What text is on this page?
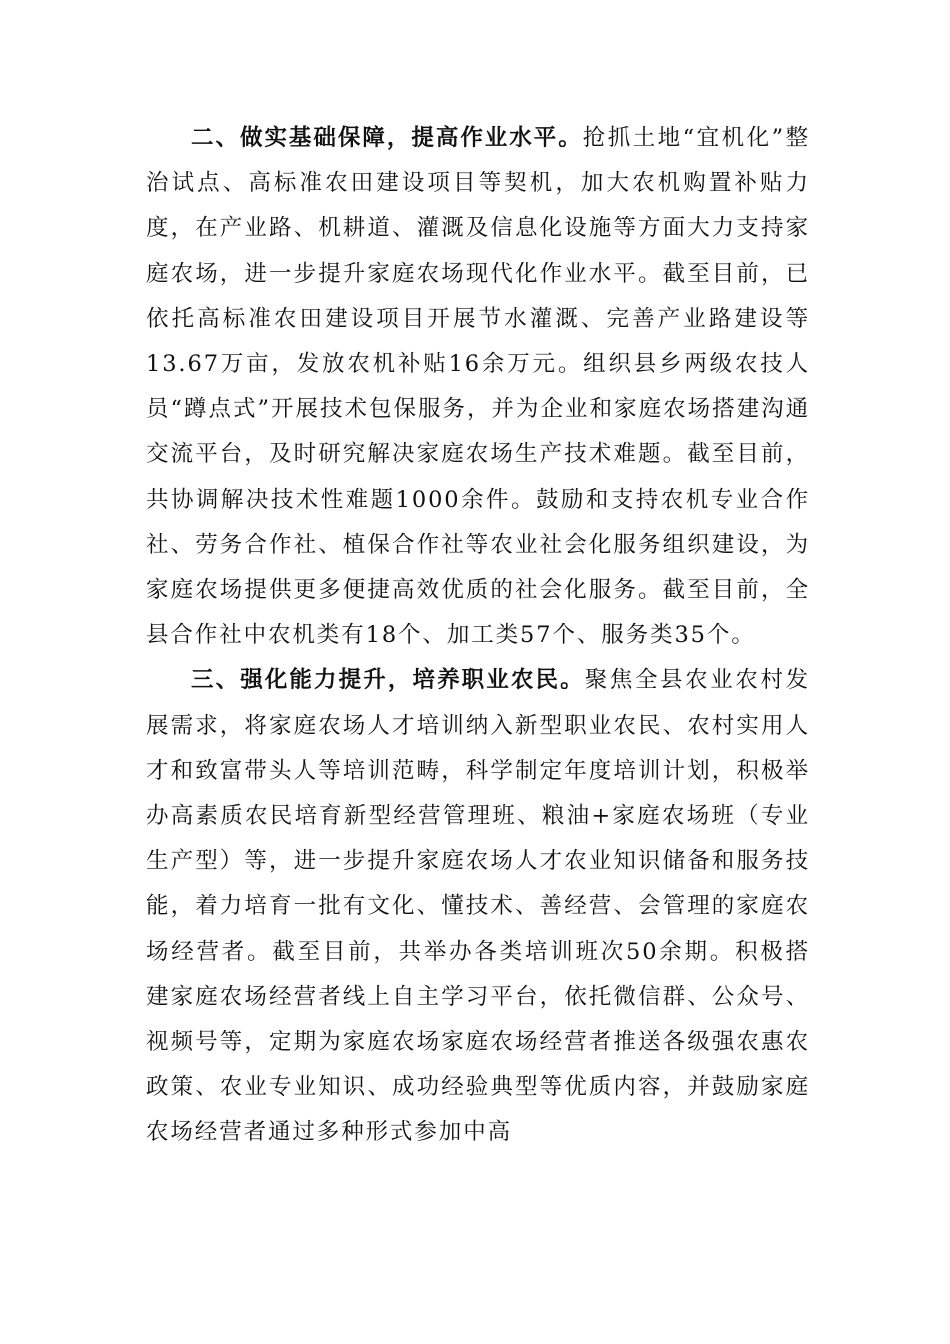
二、做实基础保障，提高作业水平。抢抓土地“宜机化”整治试点、高标准农田建设项目等契机，加大农机购置补贴力度，在产业路、机耕道、灌溉及信息化设施等方面大力支持家庭农场，进一步提升家庭农场现代化作业水平。截至目前，已依托高标准农田建设项目开展节水灌溉、完善产业路建设等13.67万亩，发放农机补贴16余万元。组织县乡两级农技人员“蹲点式”开展技术包保服务，并为企业和家庭农场搭建沟通交流平台，及时研究解决家庭农场生产技术难题。截至目前，共协调解决技术性难题1000余件。鼓励和支持农机专业合作社、劳务合作社、植保合作社等农业社会化服务组织建设，为家庭农场提供更多便捷高效优质的社会化服务。截至目前，全县合作社中农机类有18个、加工类57个、服务类35个。

三、强化能力提升，培养职业农民。聚焦全县农业农村发展需求，将家庭农场人才培训纳入新型职业农民、农村实用人才和致富带头人等培训范畴，科学制定年度培训计划，积极举办高素质农民培育新型经营管理班、粮油+家庭农场班（专业生产型）等，进一步提升家庭农场人才农业知识储备和服务技能，着力培育一批有文化、懂技术、善经营、会管理的家庭农场经营者。截至目前，共举办各类培训班次50余期。积极搭建家庭农场经营者线上自主学习平台，依托微信群、公众号、视频号等，定期为家庭农场家庭农场经营者推送各级强农惠农政策、农业专业知识、成功经验典型等优质内容，并鼓励家庭农场经营者通过多种形式参加中高
